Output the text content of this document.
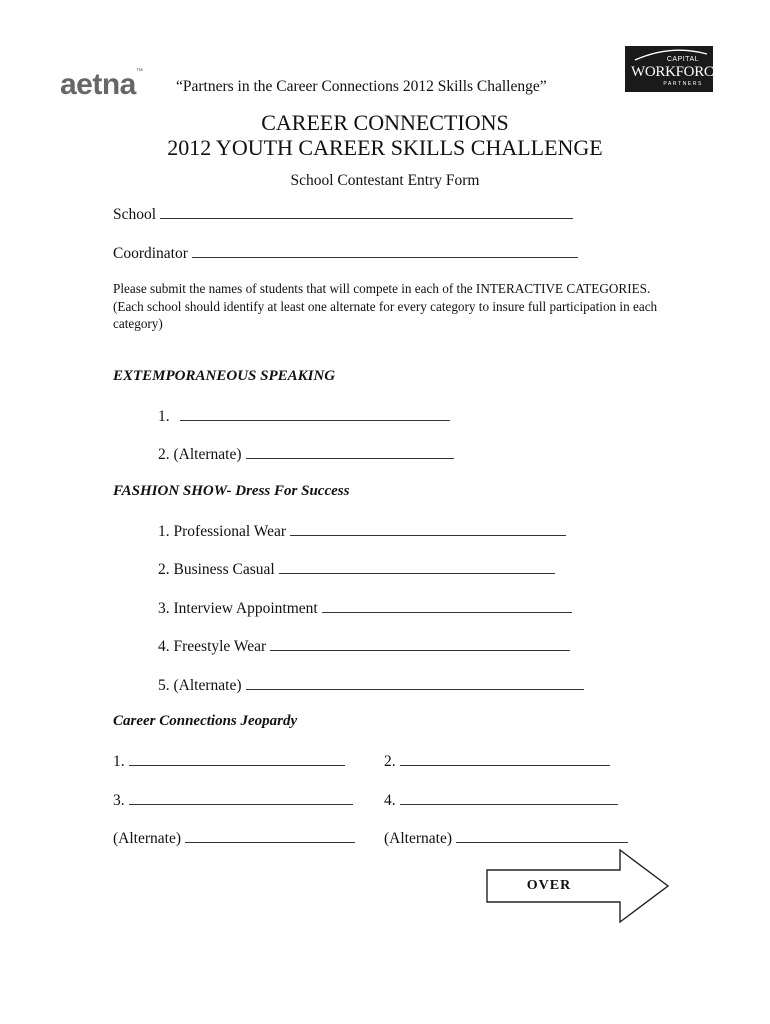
aetna™
CAPITAL
WORKFORCE
PARTNERS
“Partners in the Career Connections 2012 Skills Challenge”
CAREER CONNECTIONS
2012 YOUTH CAREER SKILLS CHALLENGE
School Contestant Entry Form
School
Coordinator
Please submit the names of students that will compete in each of the INTERACTIVE CATEGORIES. (Each school should identify at least one alternate for every category to insure full participation in each category)
EXTEMPORANEOUS SPEAKING
1.
2. (Alternate)
FASHION SHOW- Dress For Success
1. Professional Wear
2. Business Casual
3. Interview Appointment
4. Freestyle Wear
5. (Alternate)
Career Connections Jeopardy
1.	2.
3.	4.
(Alternate)	(Alternate)
OVER
